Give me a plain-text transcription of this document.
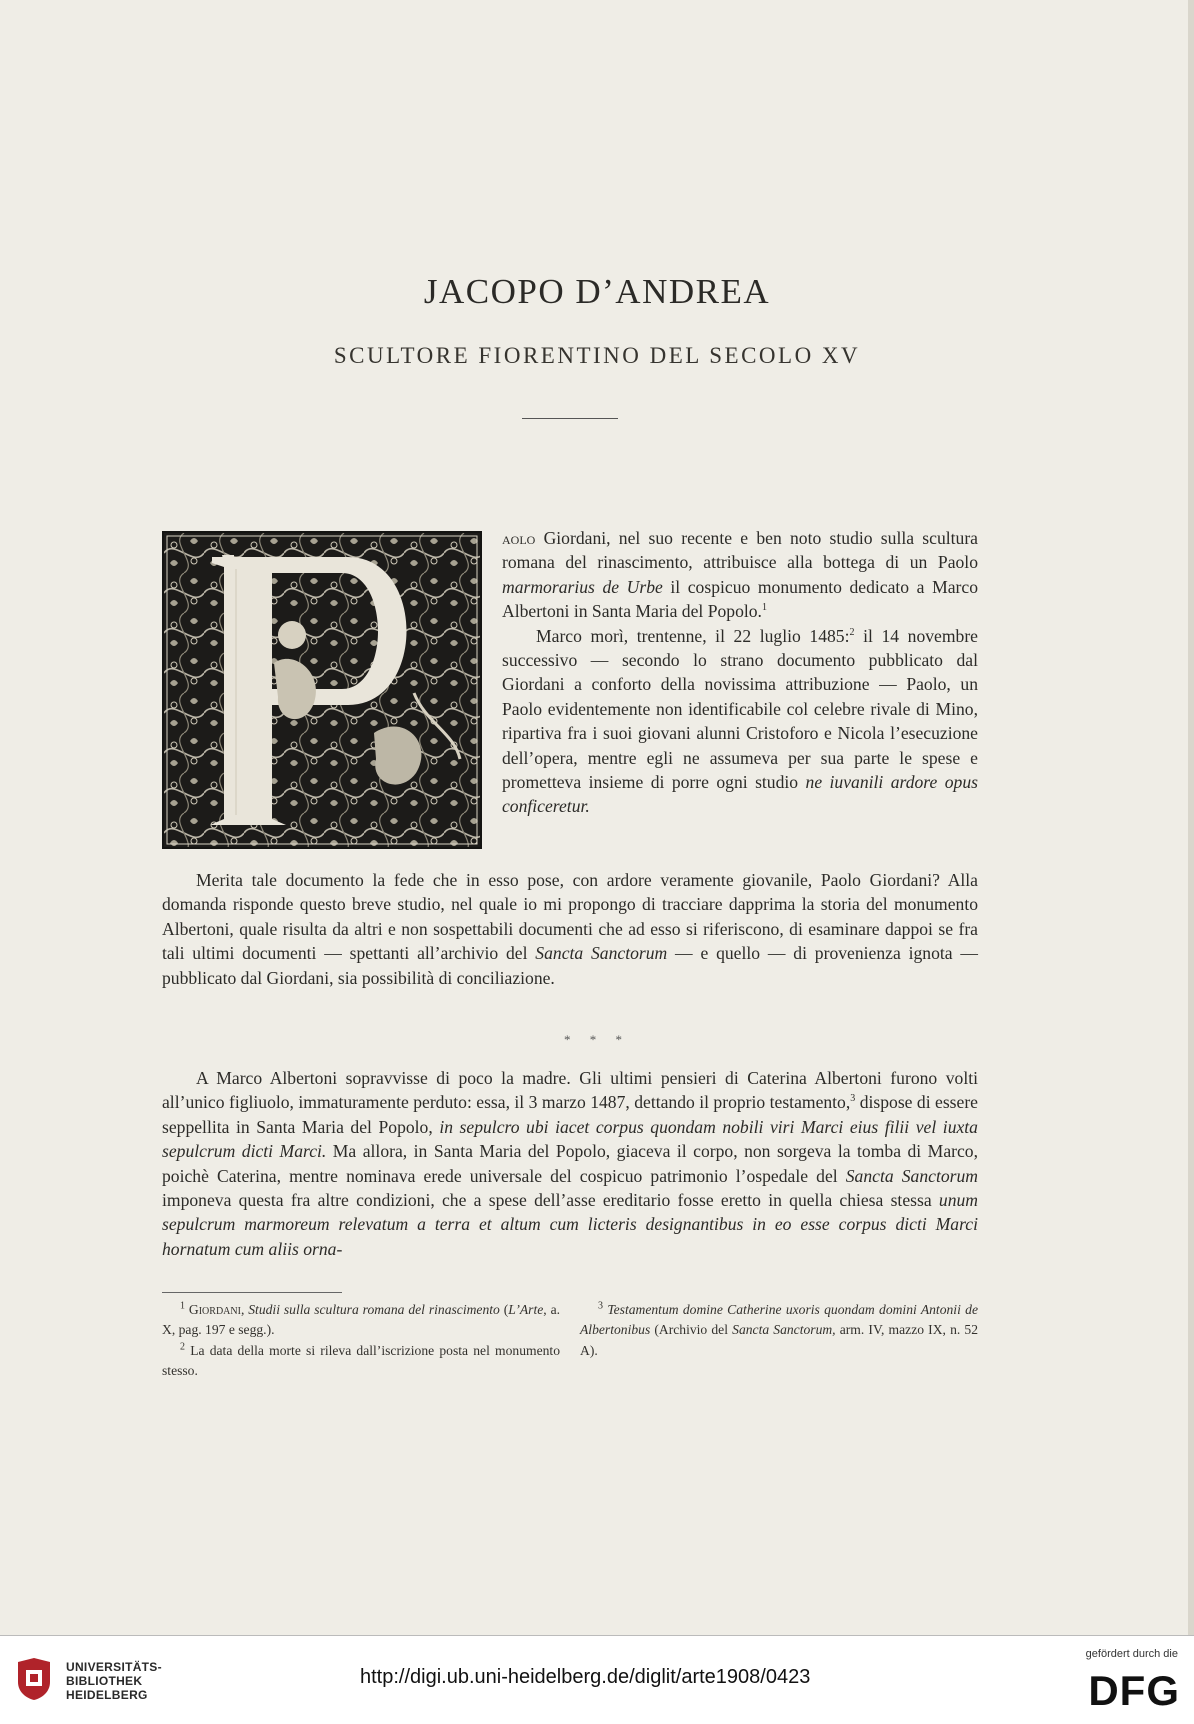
JACOPO D’ANDREA
SCULTORE FIORENTINO DEL SECOLO XV

aolo Giordani, nel suo recente e ben noto studio sulla scultura romana del rinascimento, attribuisce alla bottega di un Paolo marmorarius de Urbe il cospicuo monumento dedicato a Marco Albertoni in Santa Maria del Popolo.$^1$

Marco morì, trentenne, il 22 luglio 1485:$^2$ il 14 novembre successivo — secondo lo strano documento pubblicato dal Giordani a conforto della novissima attribuzione — Paolo, un Paolo evidentemente non identificabile col celebre rivale di Mino, ripartiva fra i suoi giovani alunni Cristoforo e Nicola l’esecuzione dell’opera, mentre egli ne assumeva per sua parte le spese e prometteva insieme di porre ogni studio ne iuvanili ardore opus conficeretur.

Merita tale documento la fede che in esso pose, con ardore veramente giovanile, Paolo Giordani? Alla domanda risponde questo breve studio, nel quale io mi propongo di tracciare dapprima la storia del monumento Albertoni, quale risulta da altri e non sospettabili documenti che ad esso si riferiscono, di esaminare dappoi se fra tali ultimi documenti — spettanti all’archivio del Sancta Sanctorum — e quello — di provenienza ignota — pubblicato dal Giordani, sia possibilità di conciliazione.

* * *

A Marco Albertoni sopravvisse di poco la madre. Gli ultimi pensieri di Caterina Albertoni furono volti all’unico figliuolo, immaturamente perduto: essa, il 3 marzo 1487, dettando il proprio testamento,$^3$ dispose di essere seppellita in Santa Maria del Popolo, in sepulcro ubi iacet corpus quondam nobili viri Marci eius filii vel iuxta sepulcrum dicti Marci. Ma allora, in Santa Maria del Popolo, giaceva il corpo, non sorgeva la tomba di Marco, poichè Caterina, mentre nominava erede universale del cospicuo patrimonio l’ospedale del Sancta Sanctorum imponeva questa fra altre condizioni, che a spese dell’asse ereditario fosse eretto in quella chiesa stessa unum sepulcrum marmoreum relevatum a terra et altum cum licteris designantibus in eo esse corpus dicti Marci hornatum cum aliis orna-

$^1$ Giordani, Studii sulla scultura romana del rinascimento (L’Arte, a. X, pag. 197 e segg.).

$^2$ La data della morte si rileva dall’iscrizione posta nel monumento stesso.

$^3$ Testamentum domine Catherine uxoris quondam domini Antonii de Albertonibus (Archivio del Sancta Sanctorum, arm. IV, mazzo IX, n. 52 A).

UNIVERSITÄTS-
BIBLIOTHEK
HEIDELBERG
http://digi.ub.uni-heidelberg.de/diglit/arte1908/0423
gefördert durch die
DFG
